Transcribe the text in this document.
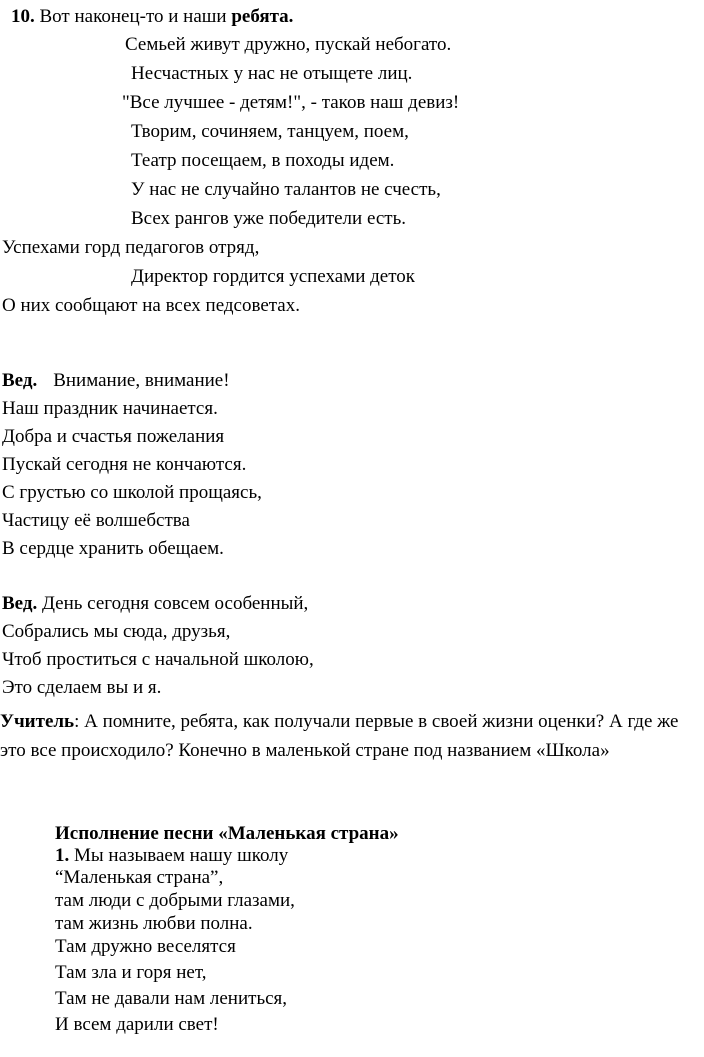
10. Вот наконец-то и наши ребята.
Семьей живут дружно, пускай небогато.
Несчастных у нас не отыщете лиц.
"Все лучшее - детям!", - таков наш девиз!
Творим, сочиняем, танцуем, поем,
Театр посещаем, в походы идем.
У нас не случайно талантов не счесть,
Всех рангов уже победители есть.
Успехами горд педагогов отряд,
Директор гордится успехами деток
О них сообщают на всех педсоветах.
Вед. Внимание, внимание!
Наш праздник начинается.
Добра и счастья пожелания
Пускай сегодня не кончаются.
С грустью со школой прощаясь,
Частицу её волшебства
В сердце хранить обещаем.
Вед. День сегодня совсем особенный,
Собрались мы сюда, друзья,
Чтоб проститься с начальной школою,
Это сделаем вы и я.
Учитель: А помните, ребята, как получали первые в своей жизни оценки? А где же это все происходило? Конечно в маленькой стране под названием «Школа»
Исполнение песни «Маленькая страна»
1. Мы называем нашу школу
“Маленькая страна”,
там люди с добрыми глазами,
там жизнь любви полна.
Там дружно веселятся
Там зла и горя нет,
Там не давали нам лениться,
И всем дарили свет!
